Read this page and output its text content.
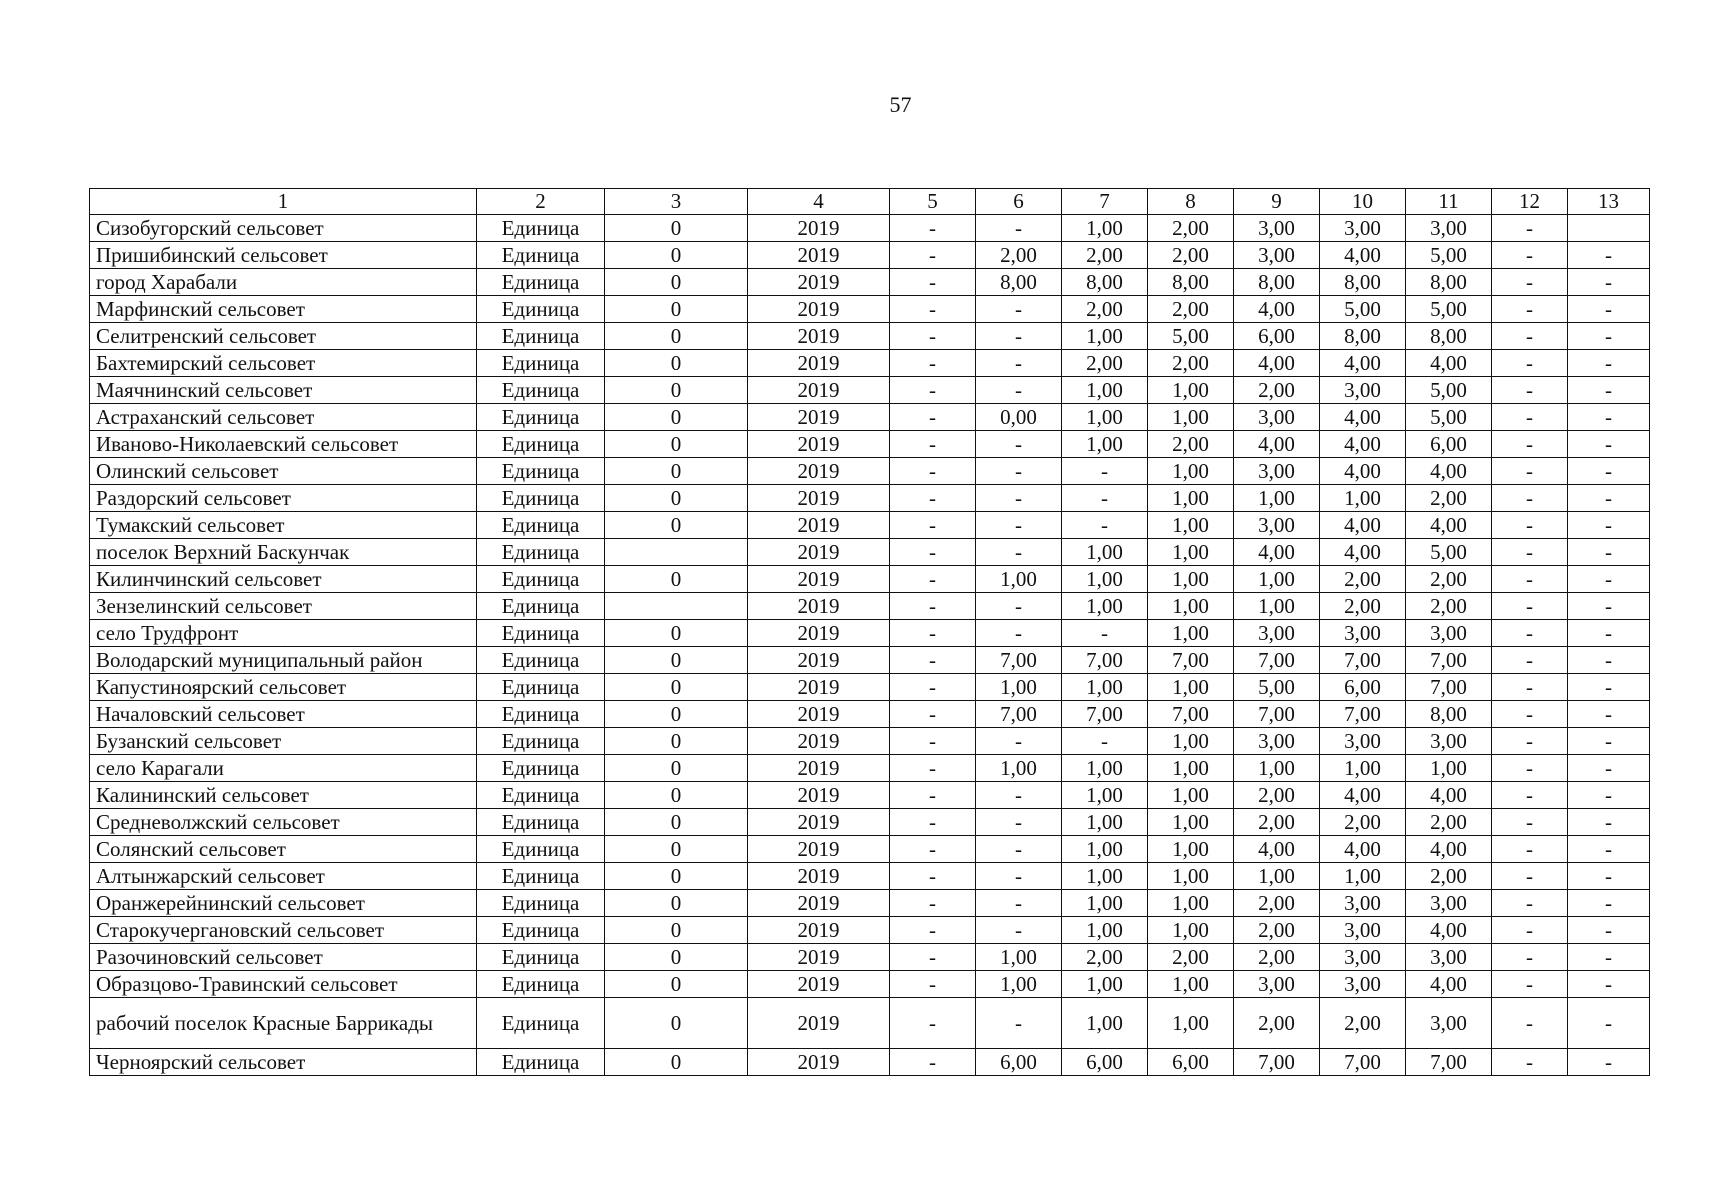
57
1	2	3	4	5	6	7	8	9	10	11	12	13
Сизобугорский сельсовет	Единица	0	2019	-	-	1,00	2,00	3,00	3,00	3,00	-	
Пришибинский сельсовет	Единица	0	2019	-	2,00	2,00	2,00	3,00	4,00	5,00	-	-
город Харабали	Единица	0	2019	-	8,00	8,00	8,00	8,00	8,00	8,00	-	-
Марфинский сельсовет	Единица	0	2019	-	-	2,00	2,00	4,00	5,00	5,00	-	-
Селитренский сельсовет	Единица	0	2019	-	-	1,00	5,00	6,00	8,00	8,00	-	-
Бахтемирский сельсовет	Единица	0	2019	-	-	2,00	2,00	4,00	4,00	4,00	-	-
Маячнинский сельсовет	Единица	0	2019	-	-	1,00	1,00	2,00	3,00	5,00	-	-
Астраханский сельсовет	Единица	0	2019	-	0,00	1,00	1,00	3,00	4,00	5,00	-	-
Иваново-Николаевский сельсовет	Единица	0	2019	-	-	1,00	2,00	4,00	4,00	6,00	-	-
Олинский сельсовет	Единица	0	2019	-	-	-	1,00	3,00	4,00	4,00	-	-
Раздорский сельсовет	Единица	0	2019	-	-	-	1,00	1,00	1,00	2,00	-	-
Тумакский сельсовет	Единица	0	2019	-	-	-	1,00	3,00	4,00	4,00	-	-
поселок Верхний Баскунчак	Единица		2019	-	-	1,00	1,00	4,00	4,00	5,00	-	-
Килинчинский сельсовет	Единица	0	2019	-	1,00	1,00	1,00	1,00	2,00	2,00	-	-
Зензелинский сельсовет	Единица		2019	-	-	1,00	1,00	1,00	2,00	2,00	-	-
село Трудфронт	Единица	0	2019	-	-	-	1,00	3,00	3,00	3,00	-	-
Володарский муниципальный район	Единица	0	2019	-	7,00	7,00	7,00	7,00	7,00	7,00	-	-
Капустиноярский сельсовет	Единица	0	2019	-	1,00	1,00	1,00	5,00	6,00	7,00	-	-
Началовский сельсовет	Единица	0	2019	-	7,00	7,00	7,00	7,00	7,00	8,00	-	-
Бузанский сельсовет	Единица	0	2019	-	-	-	1,00	3,00	3,00	3,00	-	-
село Карагали	Единица	0	2019	-	1,00	1,00	1,00	1,00	1,00	1,00	-	-
Калининский сельсовет	Единица	0	2019	-	-	1,00	1,00	2,00	4,00	4,00	-	-
Средневолжский сельсовет	Единица	0	2019	-	-	1,00	1,00	2,00	2,00	2,00	-	-
Солянский сельсовет	Единица	0	2019	-	-	1,00	1,00	4,00	4,00	4,00	-	-
Алтынжарский сельсовет	Единица	0	2019	-	-	1,00	1,00	1,00	1,00	2,00	-	-
Оранжерейнинский сельсовет	Единица	0	2019	-	-	1,00	1,00	2,00	3,00	3,00	-	-
Старокучергановский сельсовет	Единица	0	2019	-	-	1,00	1,00	2,00	3,00	4,00	-	-
Разочиновский сельсовет	Единица	0	2019	-	1,00	2,00	2,00	2,00	3,00	3,00	-	-
Образцово-Травинский сельсовет	Единица	0	2019	-	1,00	1,00	1,00	3,00	3,00	4,00	-	-
рабочий поселок Красные Баррикады	Единица	0	2019	-	-	1,00	1,00	2,00	2,00	3,00	-	-
Черноярский сельсовет	Единица	0	2019	-	6,00	6,00	6,00	7,00	7,00	7,00	-	-
